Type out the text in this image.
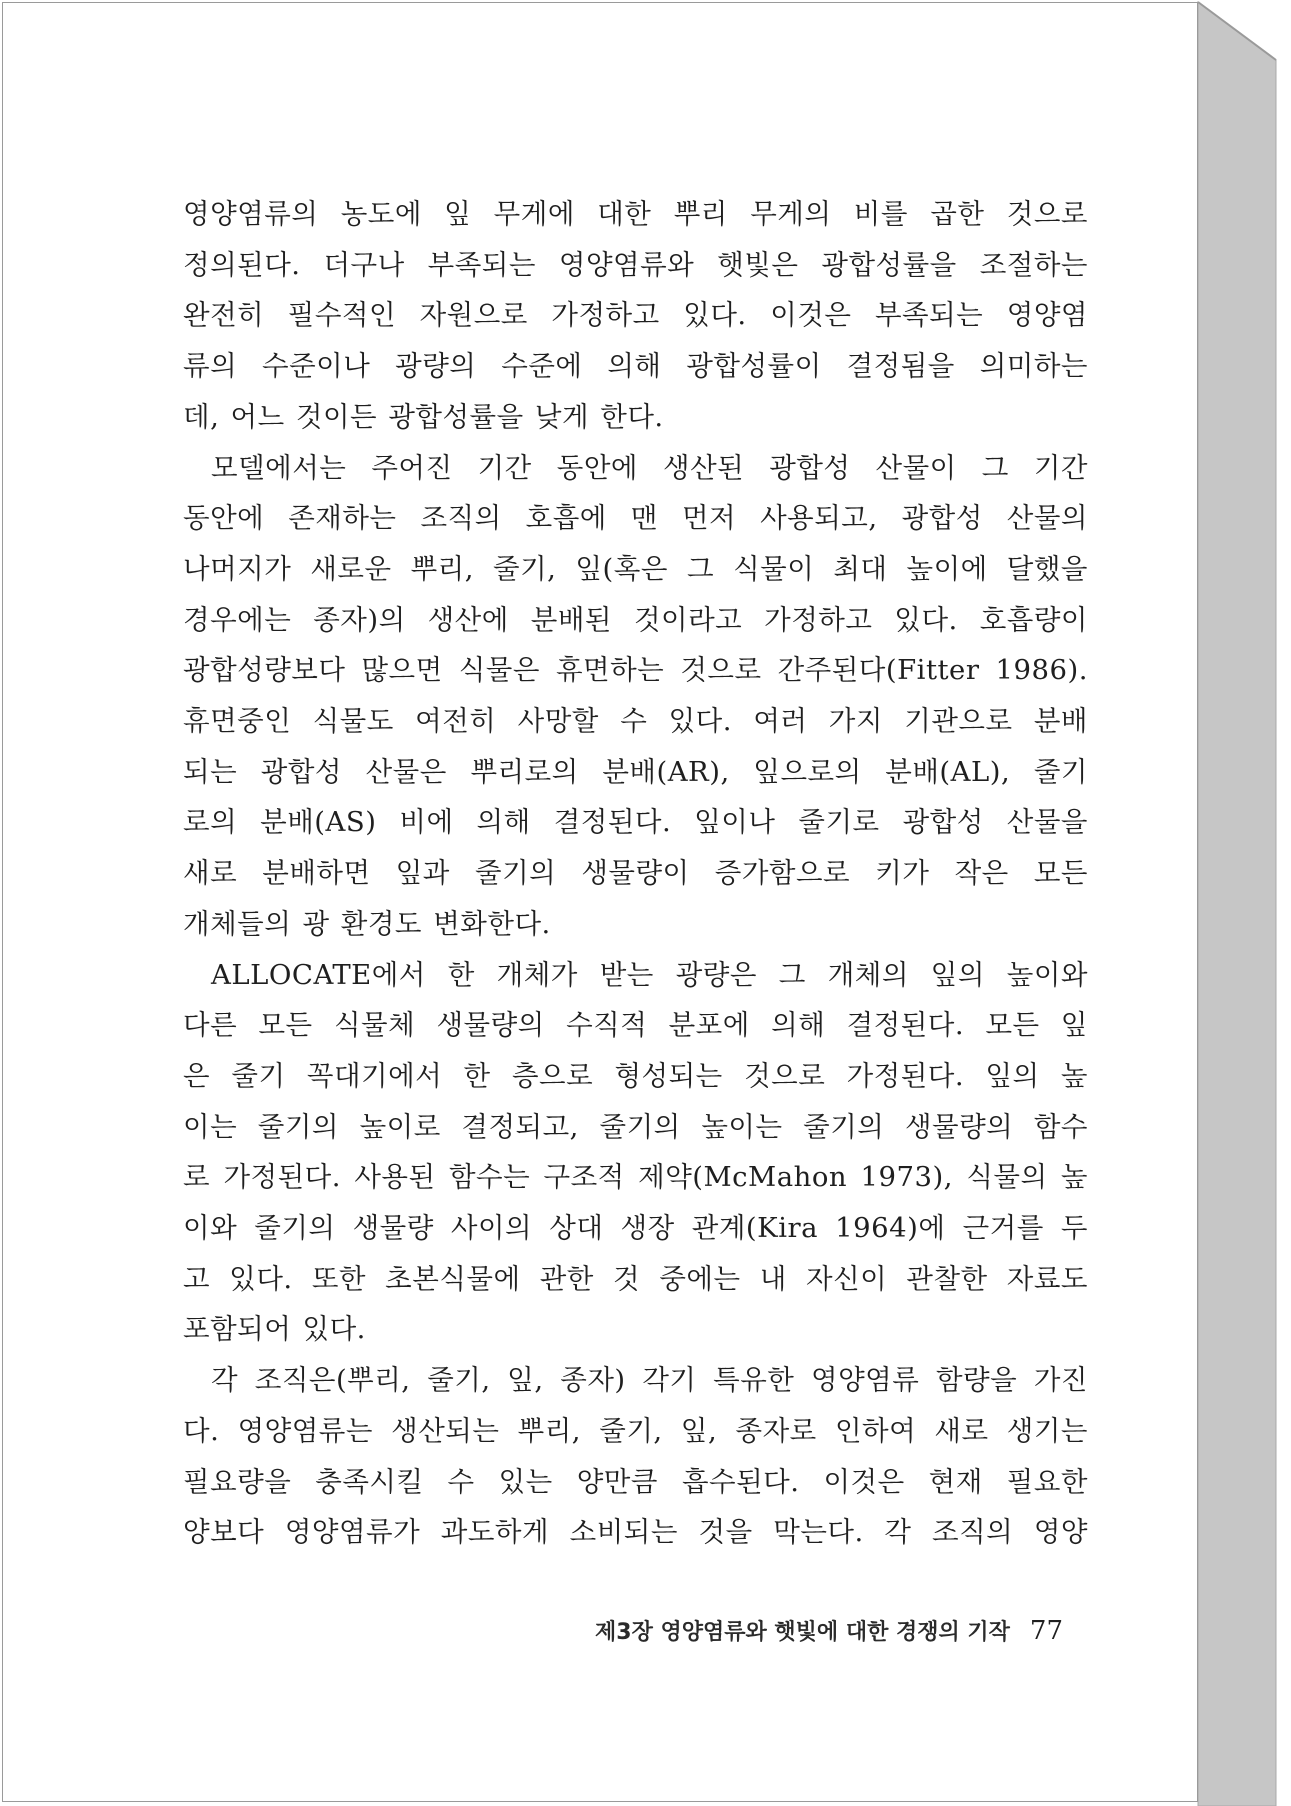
영양염류의 농도에 잎 무게에 대한 뿌리 무게의 비를 곱한 것으로
정의된다. 더구나 부족되는 영양염류와 햇빛은 광합성률을 조절하는
완전히 필수적인 자원으로 가정하고 있다. 이것은 부족되는 영양염
류의 수준이나 광량의 수준에 의해 광합성률이 결정됨을 의미하는
데, 어느 것이든 광합성률을 낮게 한다.

모델에서는 주어진 기간 동안에 생산된 광합성 산물이 그 기간
동안에 존재하는 조직의 호흡에 맨 먼저 사용되고, 광합성 산물의
나머지가 새로운 뿌리, 줄기, 잎(혹은 그 식물이 최대 높이에 달했을
경우에는 종자)의 생산에 분배된 것이라고 가정하고 있다. 호흡량이
광합성량보다 많으면 식물은 휴면하는 것으로 간주된다(Fitter 1986).
휴면중인 식물도 여전히 사망할 수 있다. 여러 가지 기관으로 분배
되는 광합성 산물은 뿌리로의 분배(AR), 잎으로의 분배(AL), 줄기
로의 분배(AS) 비에 의해 결정된다. 잎이나 줄기로 광합성 산물을
새로 분배하면 잎과 줄기의 생물량이 증가함으로 키가 작은 모든
개체들의 광 환경도 변화한다.

ALLOCATE에서 한 개체가 받는 광량은 그 개체의 잎의 높이와
다른 모든 식물체 생물량의 수직적 분포에 의해 결정된다. 모든 잎
은 줄기 꼭대기에서 한 층으로 형성되는 것으로 가정된다. 잎의 높
이는 줄기의 높이로 결정되고, 줄기의 높이는 줄기의 생물량의 함수
로 가정된다. 사용된 함수는 구조적 제약(McMahon 1973), 식물의 높
이와 줄기의 생물량 사이의 상대 생장 관계(Kira 1964)에 근거를 두
고 있다. 또한 초본식물에 관한 것 중에는 내 자신이 관찰한 자료도
포함되어 있다.

각 조직은(뿌리, 줄기, 잎, 종자) 각기 특유한 영양염류 함량을 가진
다. 영양염류는 생산되는 뿌리, 줄기, 잎, 종자로 인하여 새로 생기는
필요량을 충족시킬 수 있는 양만큼 흡수된다. 이것은 현재 필요한
양보다 영양염류가 과도하게 소비되는 것을 막는다. 각 조직의 영양

제3장 영양염류와 햇빛에 대한 경쟁의 기작 77
